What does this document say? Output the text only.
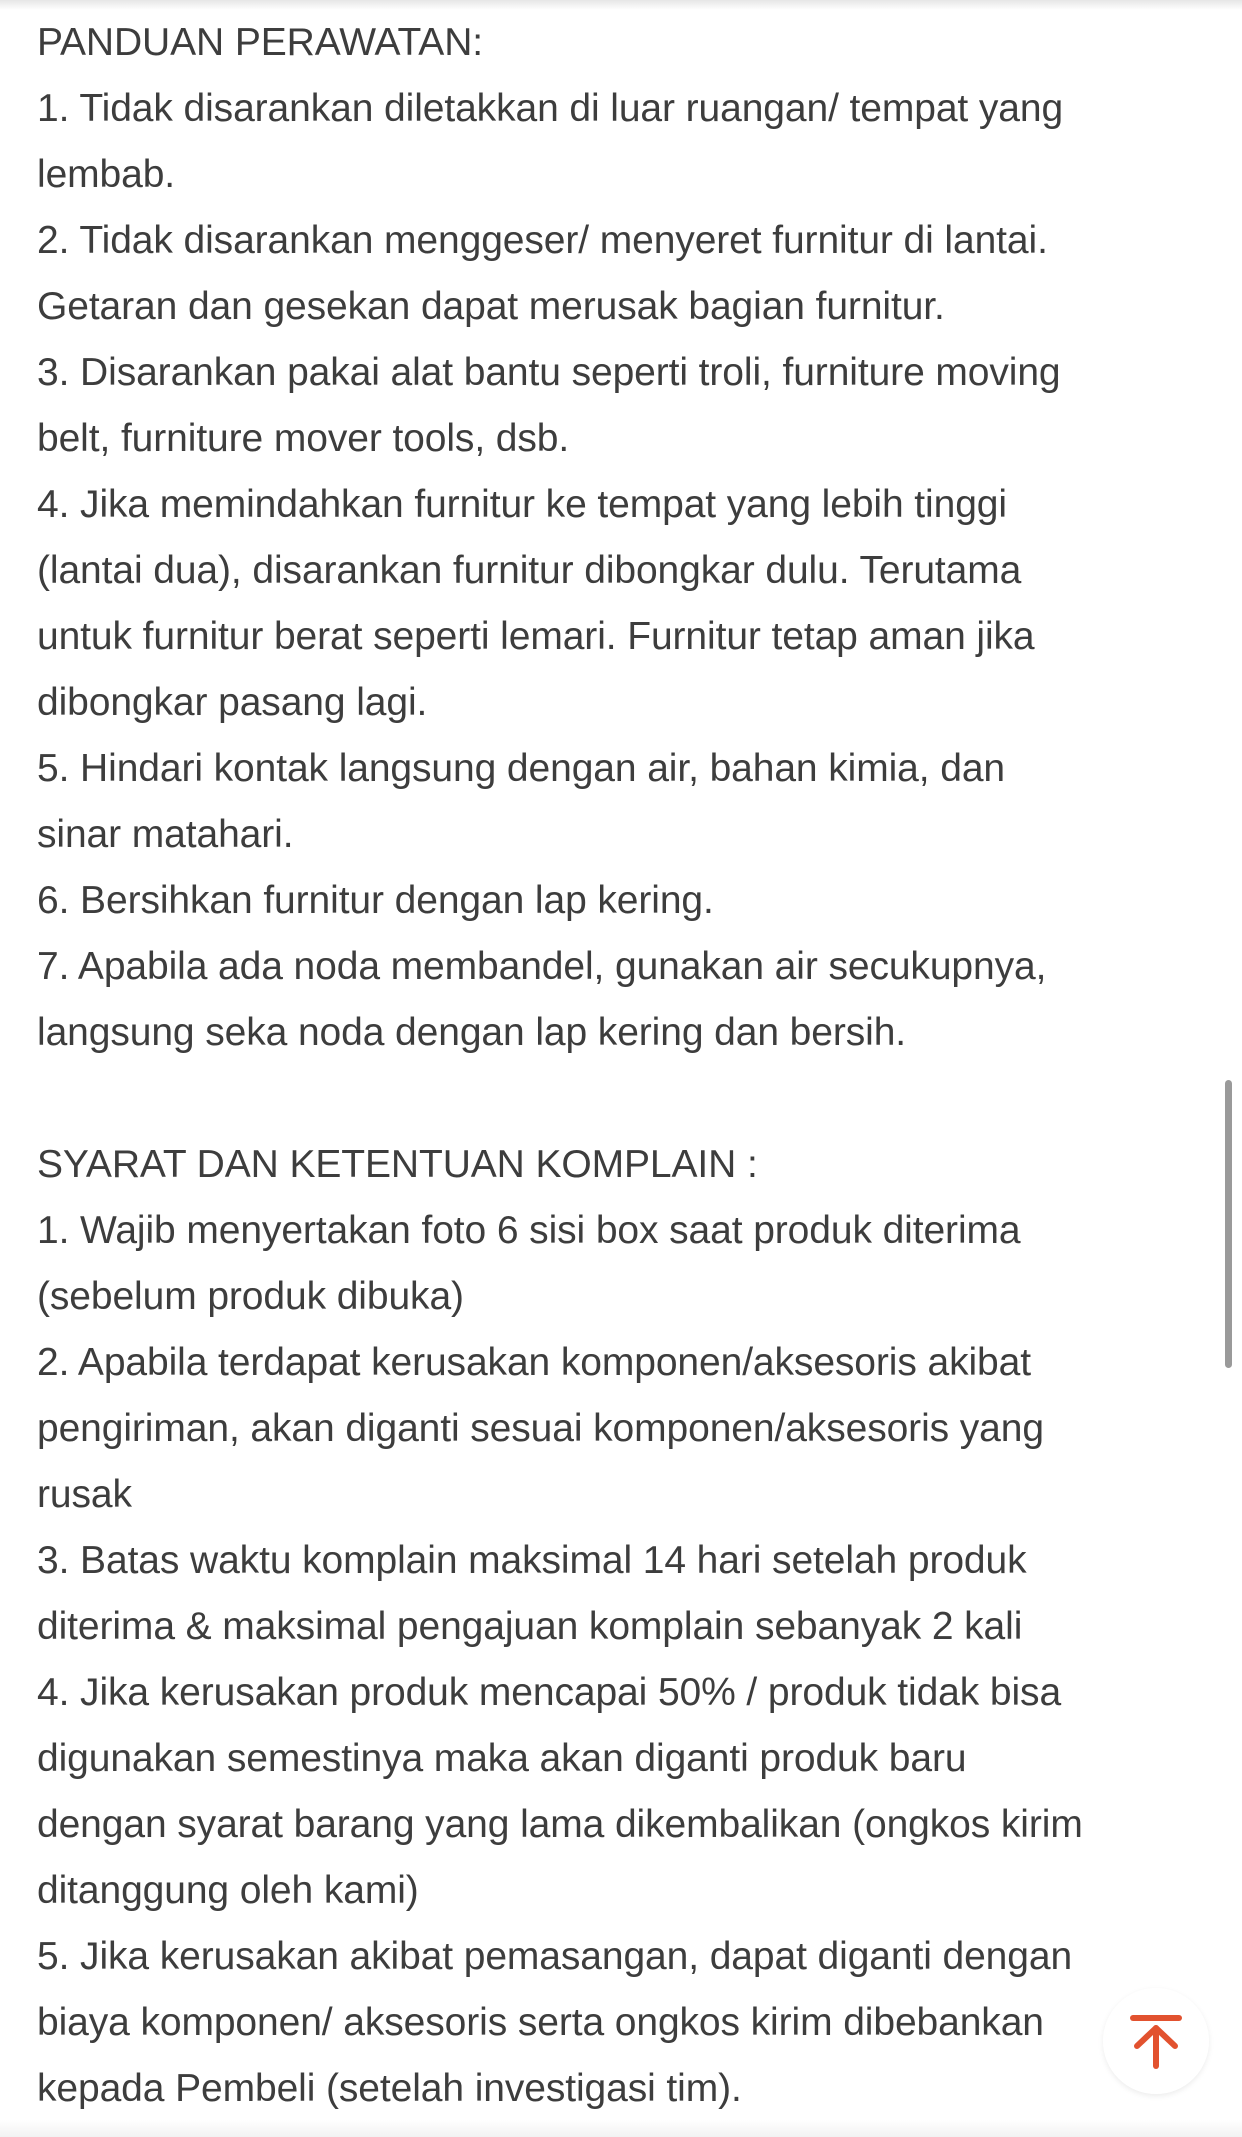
PANDUAN PERAWATAN:
1. Tidak disarankan diletakkan di luar ruangan/ tempat yang
lembab.
2. Tidak disarankan menggeser/ menyeret furnitur di lantai.
Getaran dan gesekan dapat merusak bagian furnitur.
3. Disarankan pakai alat bantu seperti troli, furniture moving
belt, furniture mover tools, dsb.
4. Jika memindahkan furnitur ke tempat yang lebih tinggi
(lantai dua), disarankan furnitur dibongkar dulu. Terutama
untuk furnitur berat seperti lemari. Furnitur tetap aman jika
dibongkar pasang lagi.
5. Hindari kontak langsung dengan air, bahan kimia, dan
sinar matahari.
6. Bersihkan furnitur dengan lap kering.
7. Apabila ada noda membandel, gunakan air secukupnya,
langsung seka noda dengan lap kering dan bersih.
SYARAT DAN KETENTUAN KOMPLAIN :
1. Wajib menyertakan foto 6 sisi box saat produk diterima
(sebelum produk dibuka)
2. Apabila terdapat kerusakan komponen/aksesoris akibat
pengiriman, akan diganti sesuai komponen/aksesoris yang
rusak
3. Batas waktu komplain maksimal 14 hari setelah produk
diterima & maksimal pengajuan komplain sebanyak 2 kali
4. Jika kerusakan produk mencapai 50% / produk tidak bisa
digunakan semestinya maka akan diganti produk baru
dengan syarat barang yang lama dikembalikan (ongkos kirim
ditanggung oleh kami)
5. Jika kerusakan akibat pemasangan, dapat diganti dengan
biaya komponen/ aksesoris serta ongkos kirim dibebankan
kepada Pembeli (setelah investigasi tim).
